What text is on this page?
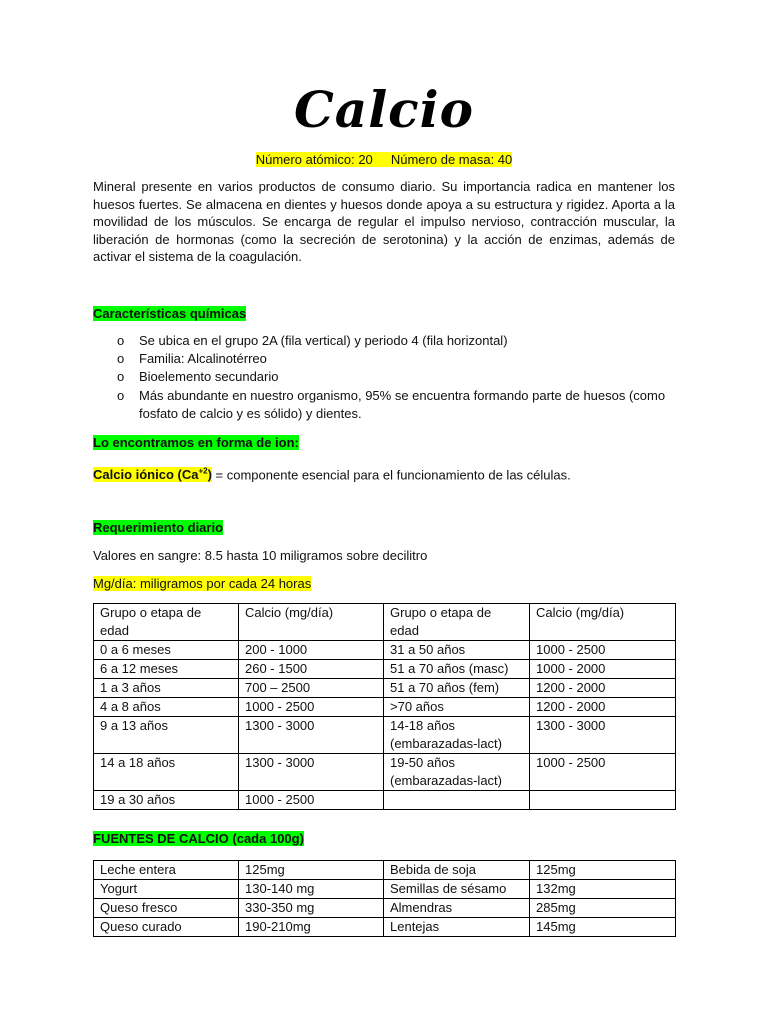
Calcio
Número atómico: 20 Número de masa: 40
Mineral presente en varios productos de consumo diario. Su importancia radica en mantener los huesos fuertes. Se almacena en dientes y huesos donde apoya a su estructura y rigidez. Aporta a la movilidad de los músculos. Se encarga de regular el impulso nervioso, contracción muscular, la liberación de hormonas (como la secreción de serotonina) y la acción de enzimas, además de activar el sistema de la coagulación.
Características químicas
o Se ubica en el grupo 2A (fila vertical) y periodo 4 (fila horizontal)
o Familia: Alcalinotérreo
o Bioelemento secundario
o Más abundante en nuestro organismo, 95% se encuentra formando parte de huesos (como fosfato de calcio y es sólido) y dientes.
Lo encontramos en forma de ion:
Calcio iónico $(Ca^{+2})$ = componente esencial para el funcionamiento de las células.
Requerimiento diario
Valores en sangre: 8.5 hasta 10 miligramos sobre decilitro
Mg/día: miligramos por cada 24 horas
Grupo o etapa de edad	Calcio (mg/día)	Grupo o etapa de edad	Calcio (mg/día)
0 a 6 meses	200 - 1000	31 a 50 años	1000 - 2500
6 a 12 meses	260 - 1500	51 a 70 años (masc)	1000 - 2000
1 a 3 años	700 – 2500	51 a 70 años (fem)	1200 - 2000
4 a 8 años	1000 - 2500	>70 años	1200 - 2000
9 a 13 años	1300 - 3000	14-18 años (embarazadas-lact)	1300 - 3000
14 a 18 años	1300 - 3000	19-50 años (embarazadas-lact)	1000 - 2500
19 a 30 años	1000 - 2500		
FUENTES DE CALCIO (cada 100g)
Leche entera	125mg	Bebida de soja	125mg
Yogurt	130-140 mg	Semillas de sésamo	132mg
Queso fresco	330-350 mg	Almendras	285mg
Queso curado	190-210mg	Lentejas	145mg
